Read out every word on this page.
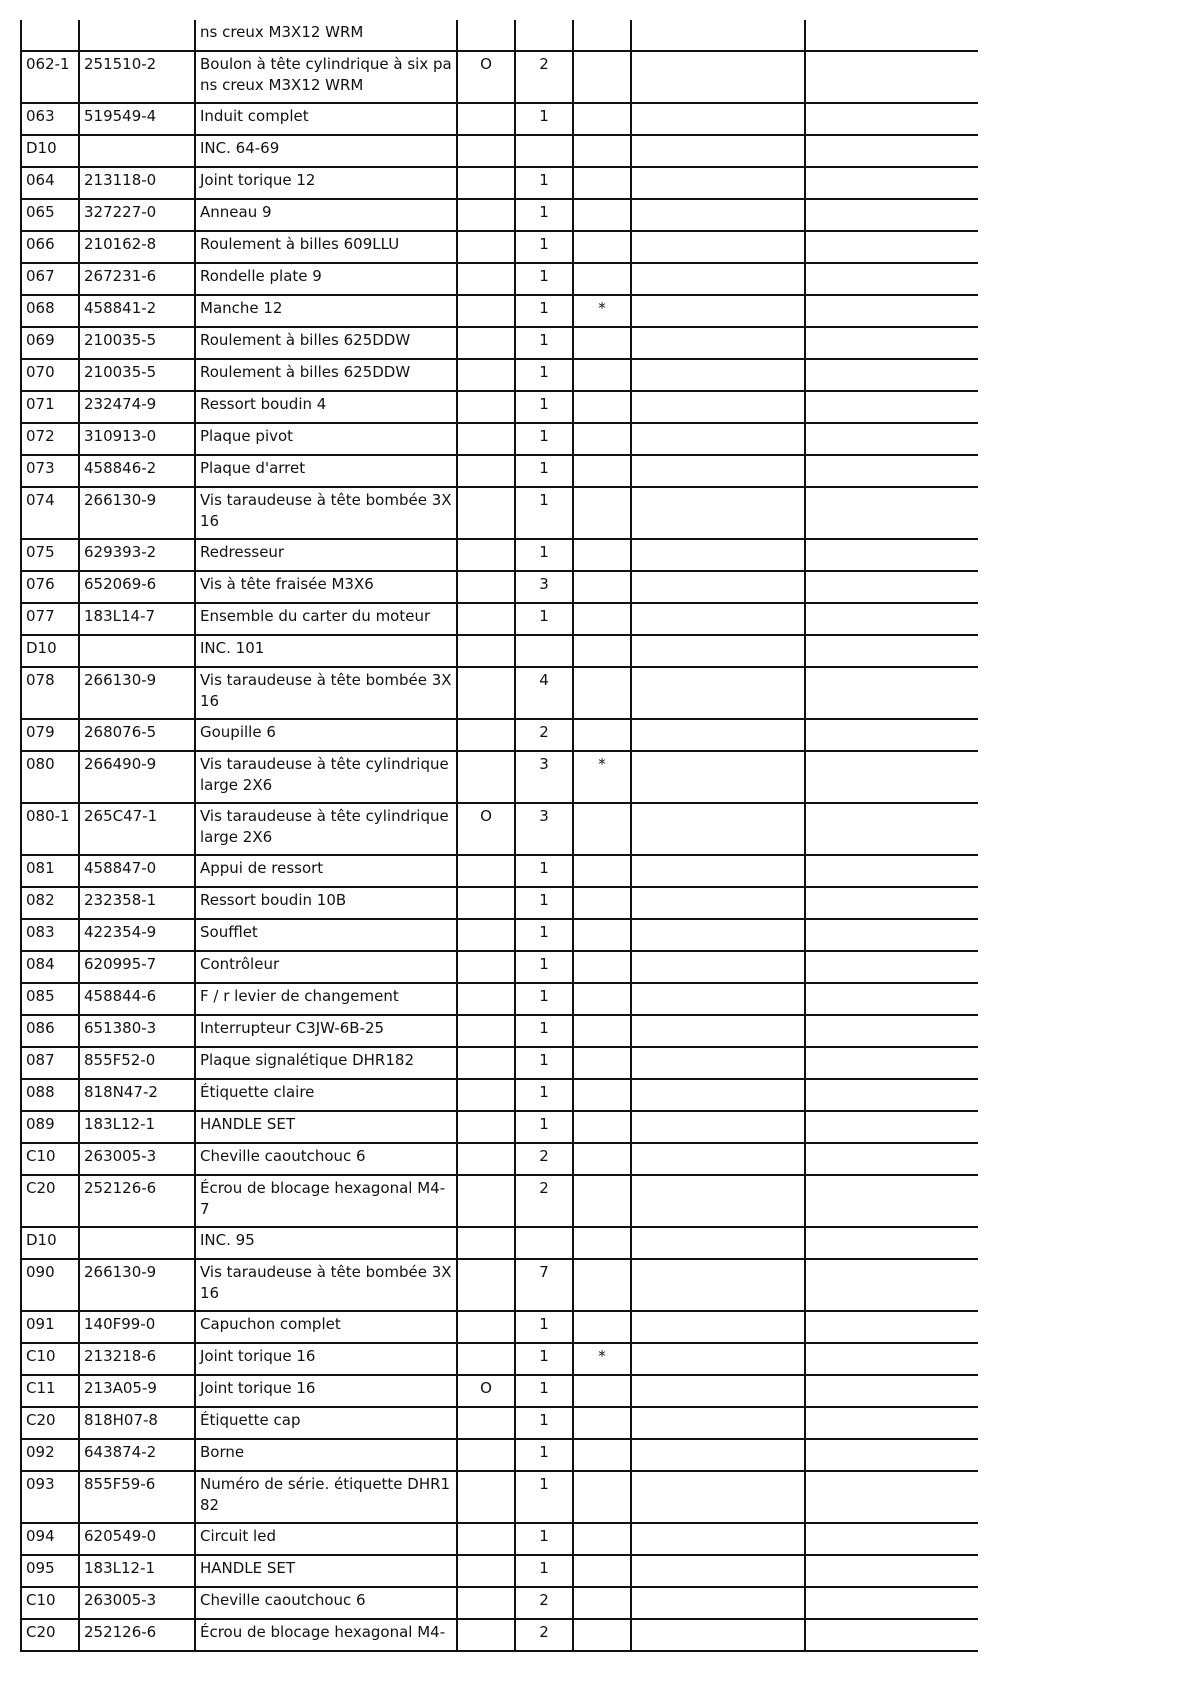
		ns creux M3X12 WRM					
062-1	251510-2	Boulon à tête cylindrique à six pans creux M3X12 WRM	O	2			
063	519549-4	Induit complet		1			
D10		INC. 64-69					
064	213118-0	Joint torique 12		1			
065	327227-0	Anneau 9		1			
066	210162-8	Roulement à billes 609LLU		1			
067	267231-6	Rondelle plate 9		1			
068	458841-2	Manche 12		1	*		
069	210035-5	Roulement à billes 625DDW		1			
070	210035-5	Roulement à billes 625DDW		1			
071	232474-9	Ressort boudin 4		1			
072	310913-0	Plaque pivot		1			
073	458846-2	Plaque d'arret		1			
074	266130-9	Vis taraudeuse à tête bombée 3X16		1			
075	629393-2	Redresseur		1			
076	652069-6	Vis à tête fraisée M3X6		3			
077	183L14-7	Ensemble du carter du moteur		1			
D10		INC. 101					
078	266130-9	Vis taraudeuse à tête bombée 3X16		4			
079	268076-5	Goupille 6		2			
080	266490-9	Vis taraudeuse à tête cylindrique large 2X6		3	*		
080-1	265C47-1	Vis taraudeuse à tête cylindrique large 2X6	O	3			
081	458847-0	Appui de ressort		1			
082	232358-1	Ressort boudin 10B		1			
083	422354-9	Soufflet		1			
084	620995-7	Contrôleur		1			
085	458844-6	F / r levier de changement		1			
086	651380-3	Interrupteur C3JW-6B-25		1			
087	855F52-0	Plaque signalétique DHR182		1			
088	818N47-2	Étiquette claire		1			
089	183L12-1	HANDLE SET		1			
C10	263005-3	Cheville caoutchouc 6		2			
C20	252126-6	Écrou de blocage hexagonal M4-7		2			
D10		INC. 95					
090	266130-9	Vis taraudeuse à tête bombée 3X16		7			
091	140F99-0	Capuchon complet		1			
C10	213218-6	Joint torique 16		1	*		
C11	213A05-9	Joint torique 16	O	1			
C20	818H07-8	Étiquette cap		1			
092	643874-2	Borne		1			
093	855F59-6	Numéro de série. étiquette DHR182		1			
094	620549-0	Circuit led		1			
095	183L12-1	HANDLE SET		1			
C10	263005-3	Cheville caoutchouc 6		2			
C20	252126-6	Écrou de blocage hexagonal M4-		2			
